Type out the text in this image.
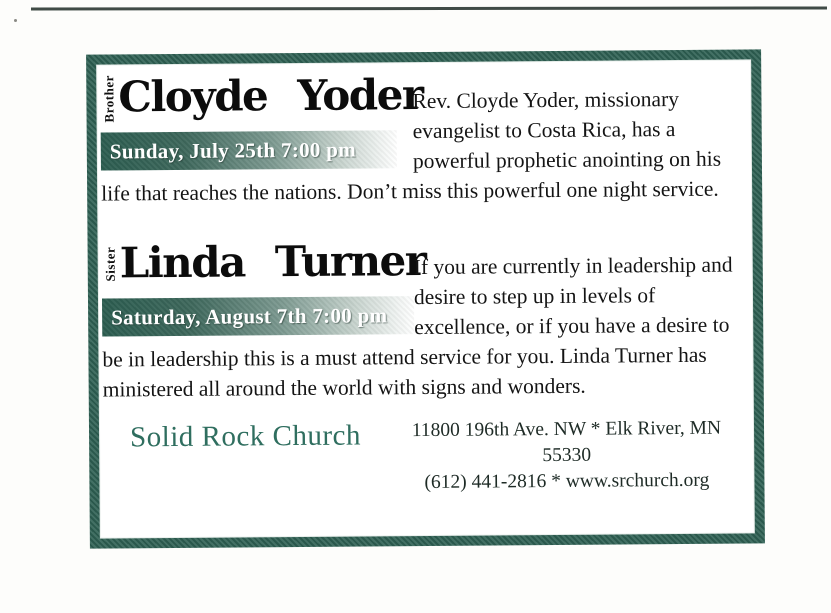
Brother Cloyde Yoder
Sunday, July 25th 7:00 pm

Rev. Cloyde Yoder, missionary evangelist to Costa Rica, has a powerful prophetic anointing on his life that reaches the nations. Don’t miss this powerful one night service.

Sister Linda Turner
Saturday, August 7th 7:00 pm

If you are currently in leadership and desire to step up in levels of excellence, or if you have a desire to be in leadership this is a must attend service for you. Linda Turner has ministered all around the world with signs and wonders.

Solid Rock Church	11800 196th Ave. NW * Elk River, MN 55330
(612) 441-2816 * www.srchurch.org
